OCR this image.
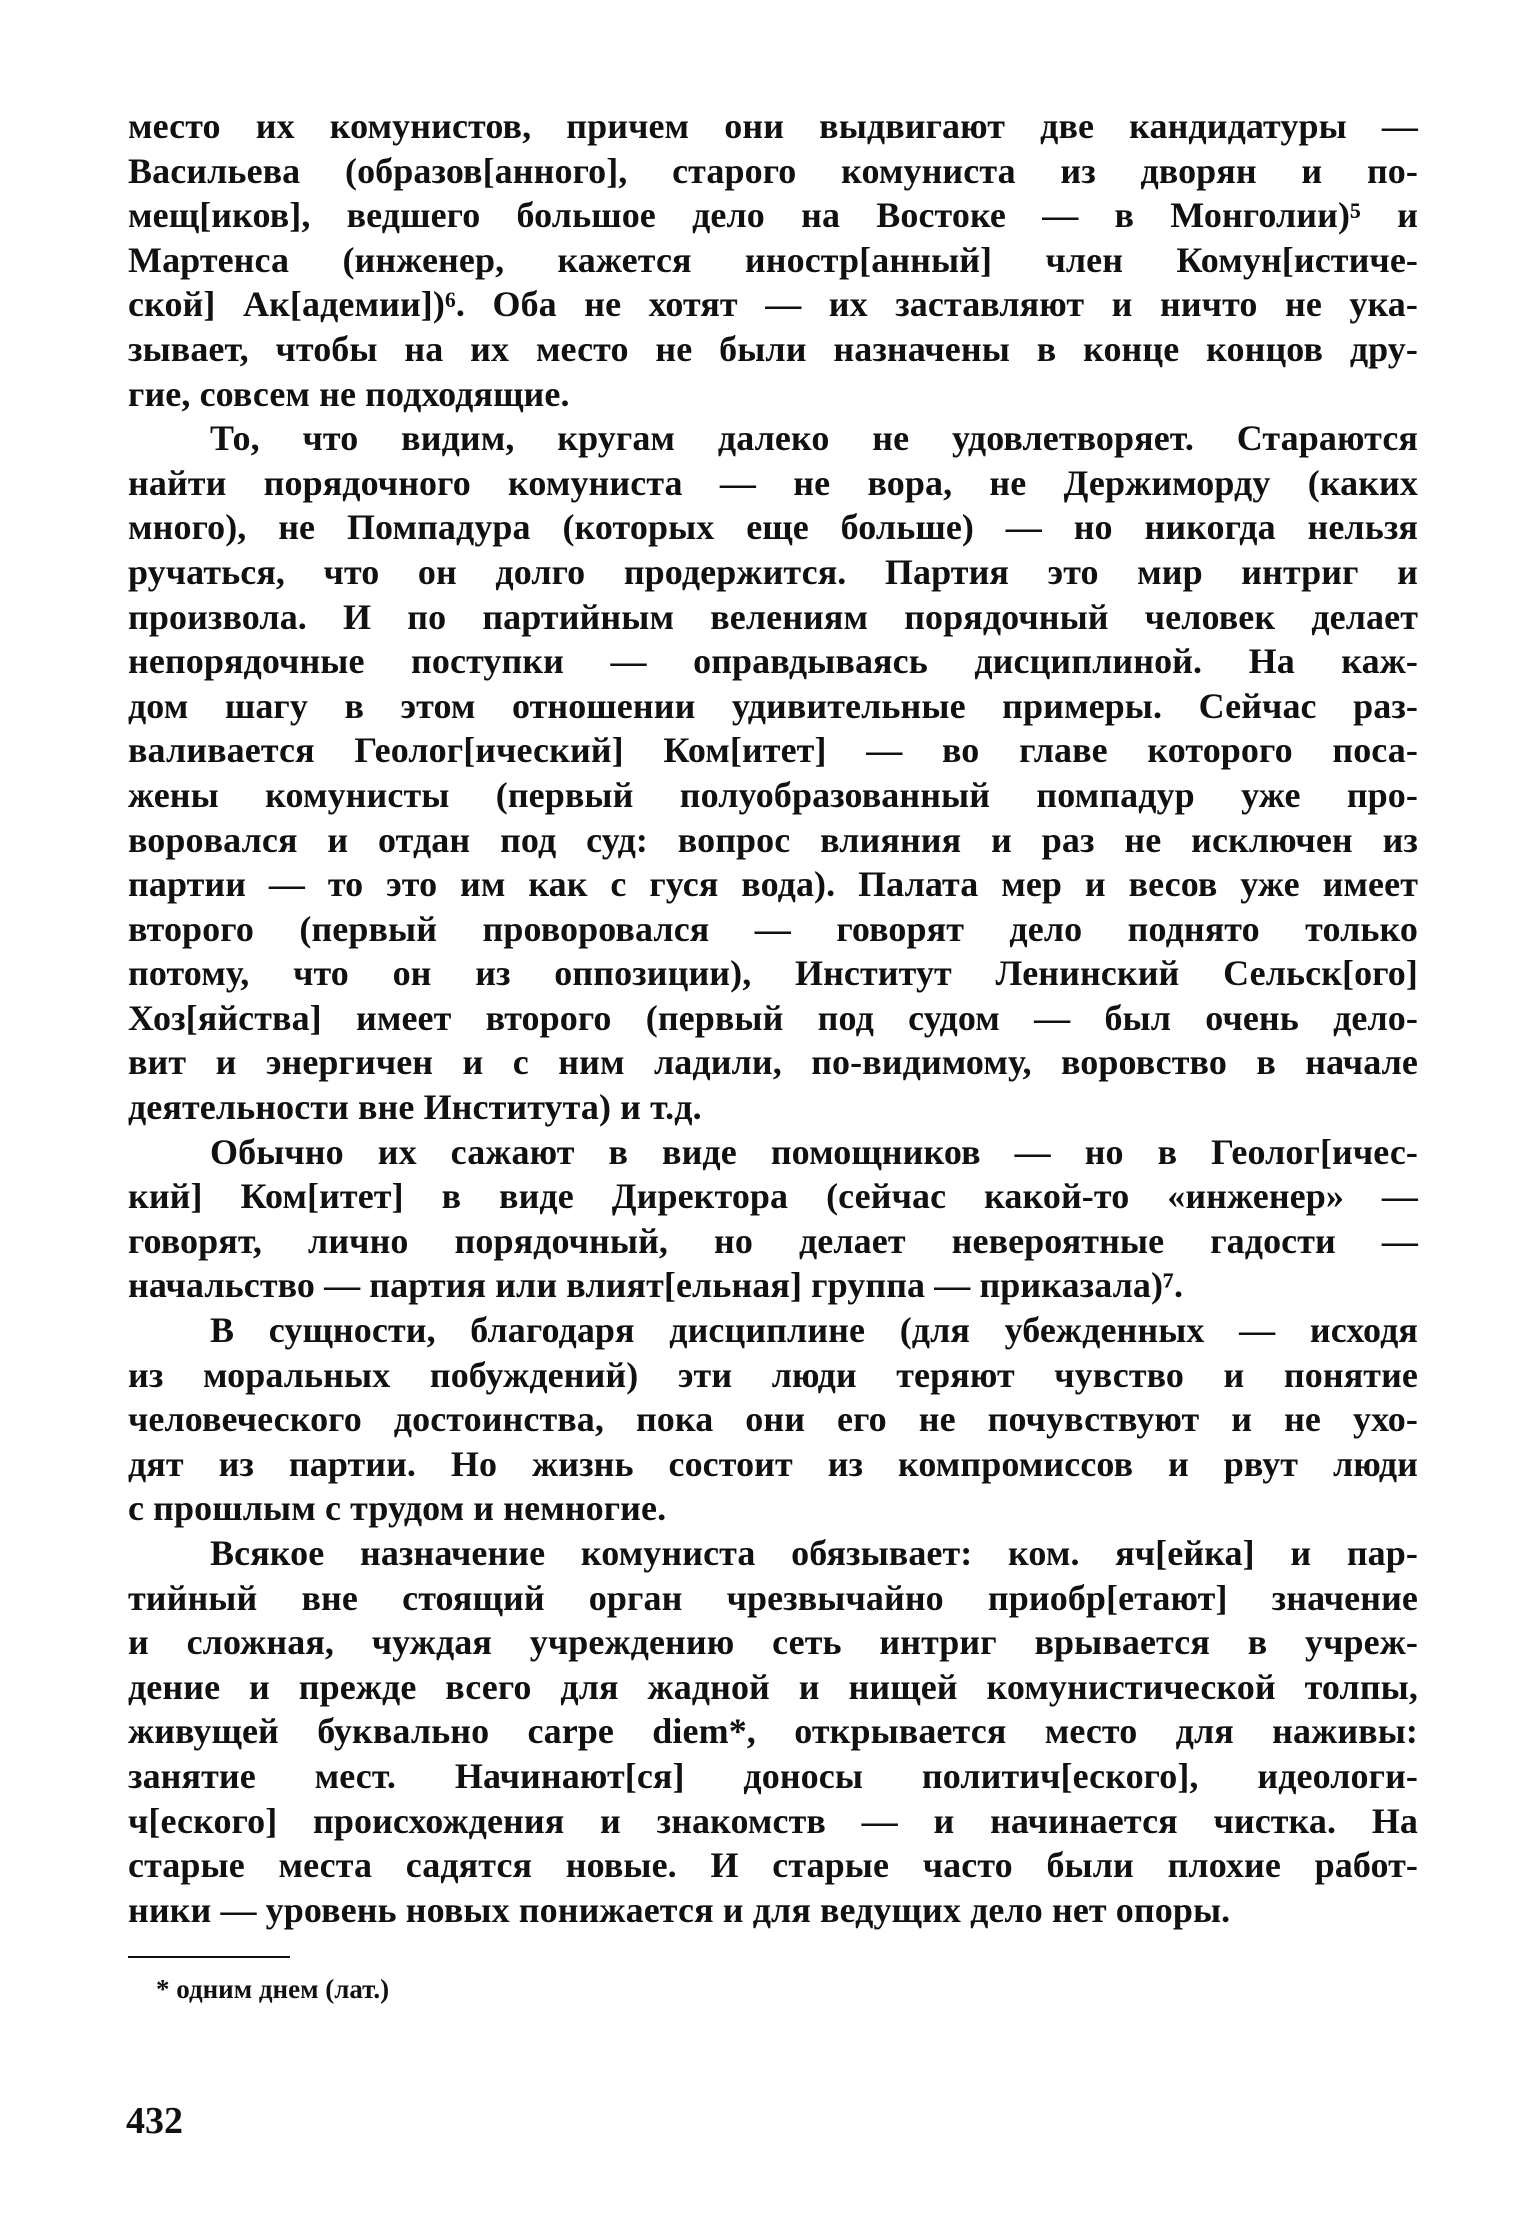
место их комунистов, причем они выдвигают две кандидатуры —
Васильева (образов[анного], старого комуниста из дворян и по-
мещ[иков], ведшего большое дело на Востоке — в Монголии)⁵ и
Мартенса (инженер, кажется иностр[анный] член Комун[истиче-
ской] Ак[адемии])⁶. Оба не хотят — их заставляют и ничто не ука-
зывает, чтобы на их место не были назначены в конце концов дру-
гие, совсем не подходящие.
То, что видим, кругам далеко не удовлетворяет. Стараются
найти порядочного комуниста — не вора, не Держиморду (каких
много), не Помпадура (которых еще больше) — но никогда нельзя
ручаться, что он долго продержится. Партия это мир интриг и
произвола. И по партийным велениям порядочный человек делает
непорядочные поступки — оправдываясь дисциплиной. На каж-
дом шагу в этом отношении удивительные примеры. Сейчас раз-
валивается Геолог[ический] Ком[итет] — во главе которого поса-
жены комунисты (первый полуобразованный помпадур уже про-
ворoвался и отдан под суд: вопрос влияния и раз не исключен из
партии — то это им как с гуся вода). Палата мер и весов уже имеет
второго (первый проворовался — говорят дело поднято только
потому, что он из оппозиции), Институт Ленинский Сельск[ого]
Хоз[яйства] имеет второго (первый под судом — был очень дело-
вит и энергичен и с ним ладили, по-видимому, воровство в начале
деятельности вне Института) и т.д.
Обычно их сажают в виде помощников — но в Геолог[ичес-
кий] Ком[итет] в виде Директора (сейчас какой-то «инженер» —
говорят, лично порядочный, но делает невероятные гадости —
начальство — партия или влият[ельная] группа — приказала)⁷.
В сущности, благодаря дисциплине (для убежденных — исходя
из моральных побуждений) эти люди теряют чувство и понятие
человеческого достоинства, пока они его не почувствуют и не ухо-
дят из партии. Но жизнь состоит из компромиссов и рвут люди
с прошлым с трудом и немногие.
Всякое назначение комуниста обязывает: ком. яч[ейка] и пар-
тийный вне стоящий орган чрезвычайно приобр[етают] значение
и сложная, чуждая учреждению сеть интриг врывается в учреж-
дение и прежде всего для жадной и нищей комунистической толпы,
живущей буквально carpe diem*, открывается место для наживы:
занятие мест. Начинают[ся] доносы политич[еского], идеологи-
ч[еского] происхождения и знакомств — и начинается чистка. На
старые места садятся новые. И старые часто были плохие работ-
ники — уровень новых понижается и для ведущих дело нет опоры.
* одним днем (лат.)
432
